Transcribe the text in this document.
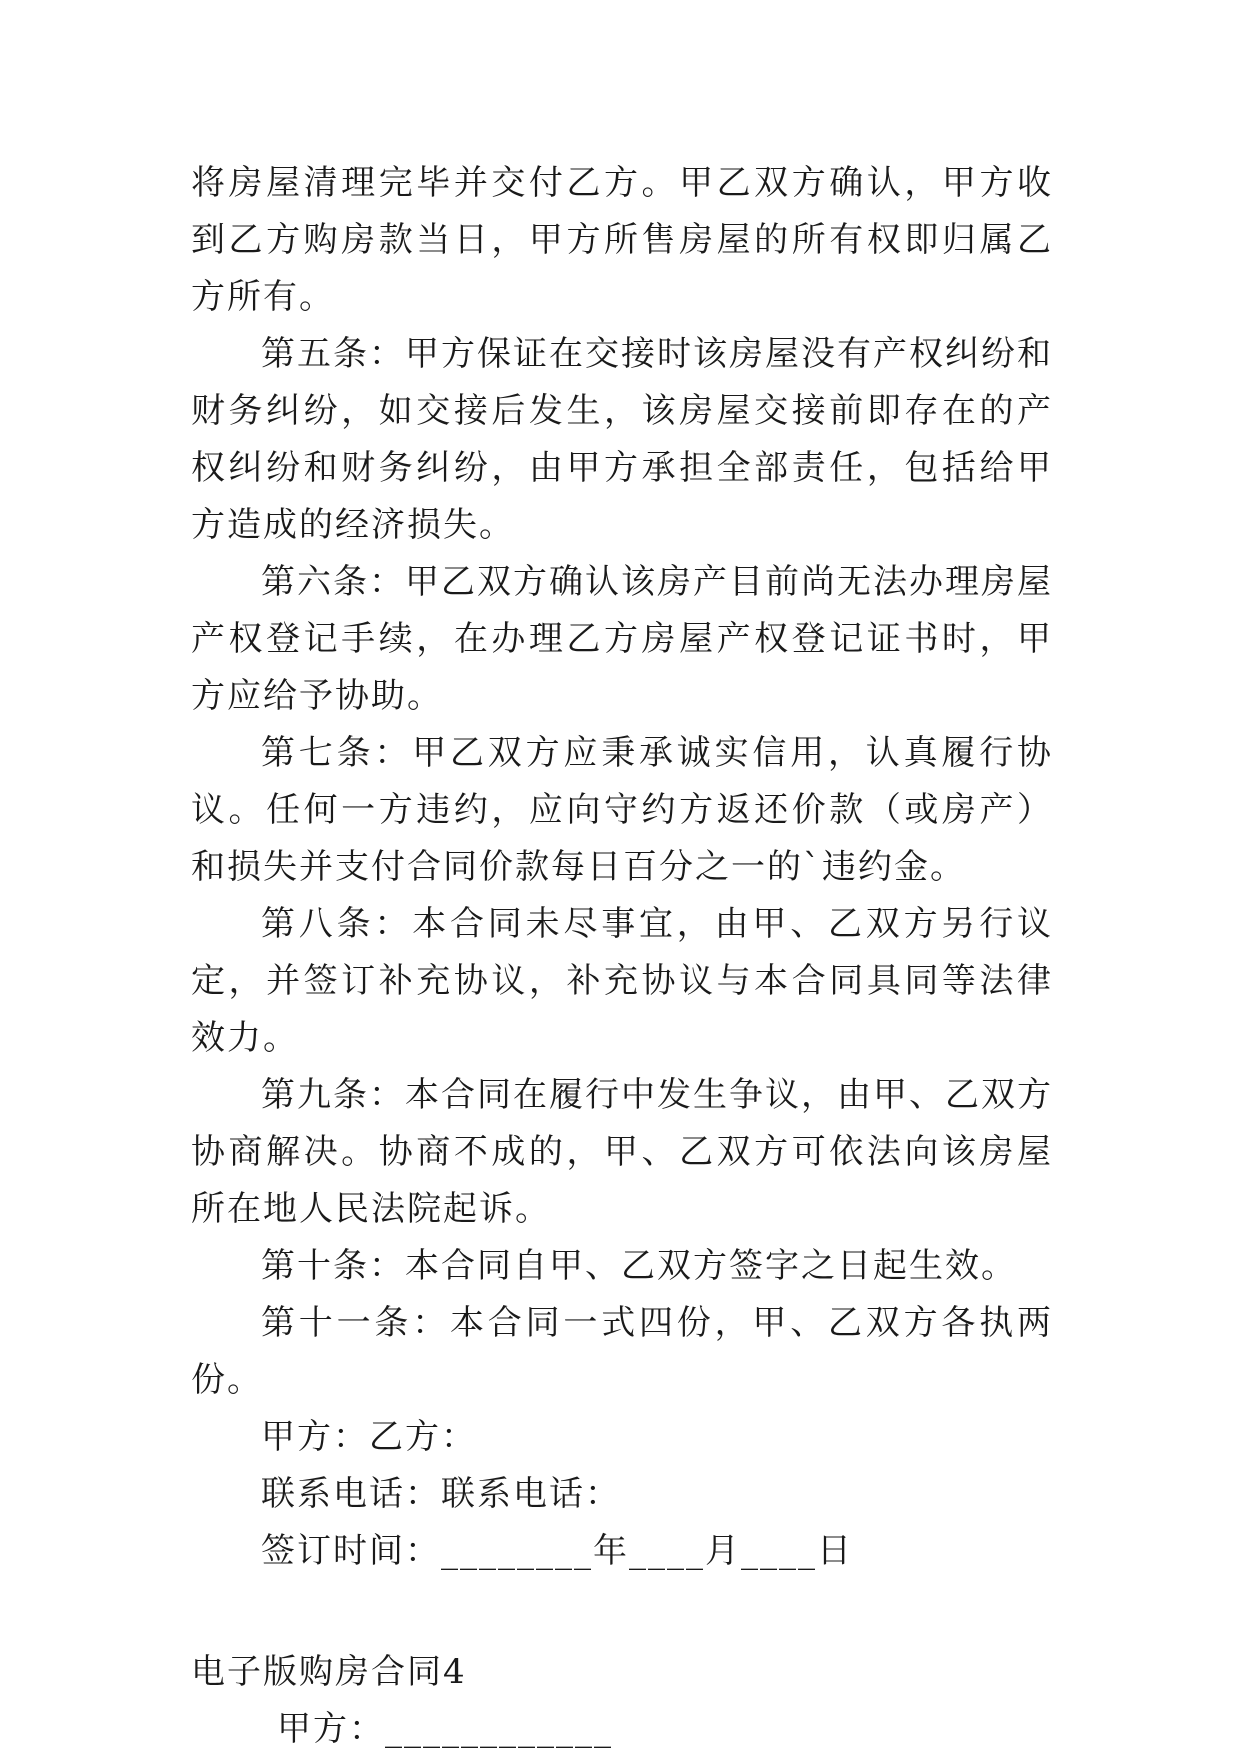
将房屋清理完毕并交付乙方。甲乙双方确认，甲方收到乙方购房款当日，甲方所售房屋的所有权即归属乙方所有。

第五条：甲方保证在交接时该房屋没有产权纠纷和财务纠纷，如交接后发生，该房屋交接前即存在的产权纠纷和财务纠纷，由甲方承担全部责任，包括给甲方造成的经济损失。

第六条：甲乙双方确认该房产目前尚无法办理房屋产权登记手续，在办理乙方房屋产权登记证书时，甲方应给予协助。

第七条：甲乙双方应秉承诚实信用，认真履行协议。任何一方违约，应向守约方返还价款（或房产）和损失并支付合同价款每日百分之一的`违约金。

第八条：本合同未尽事宜，由甲、乙双方另行议定，并签订补充协议，补充协议与本合同具同等法律效力。

第九条：本合同在履行中发生争议，由甲、乙双方协商解决。协商不成的，甲、乙双方可依法向该房屋所在地人民法院起诉。

第十条：本合同自甲、乙双方签字之日起生效。

第十一条：本合同一式四份，甲、乙双方各执两份。

甲方：乙方：

联系电话：联系电话：

签订时间：________年____月____日

电子版购房合同4

甲方：____________
